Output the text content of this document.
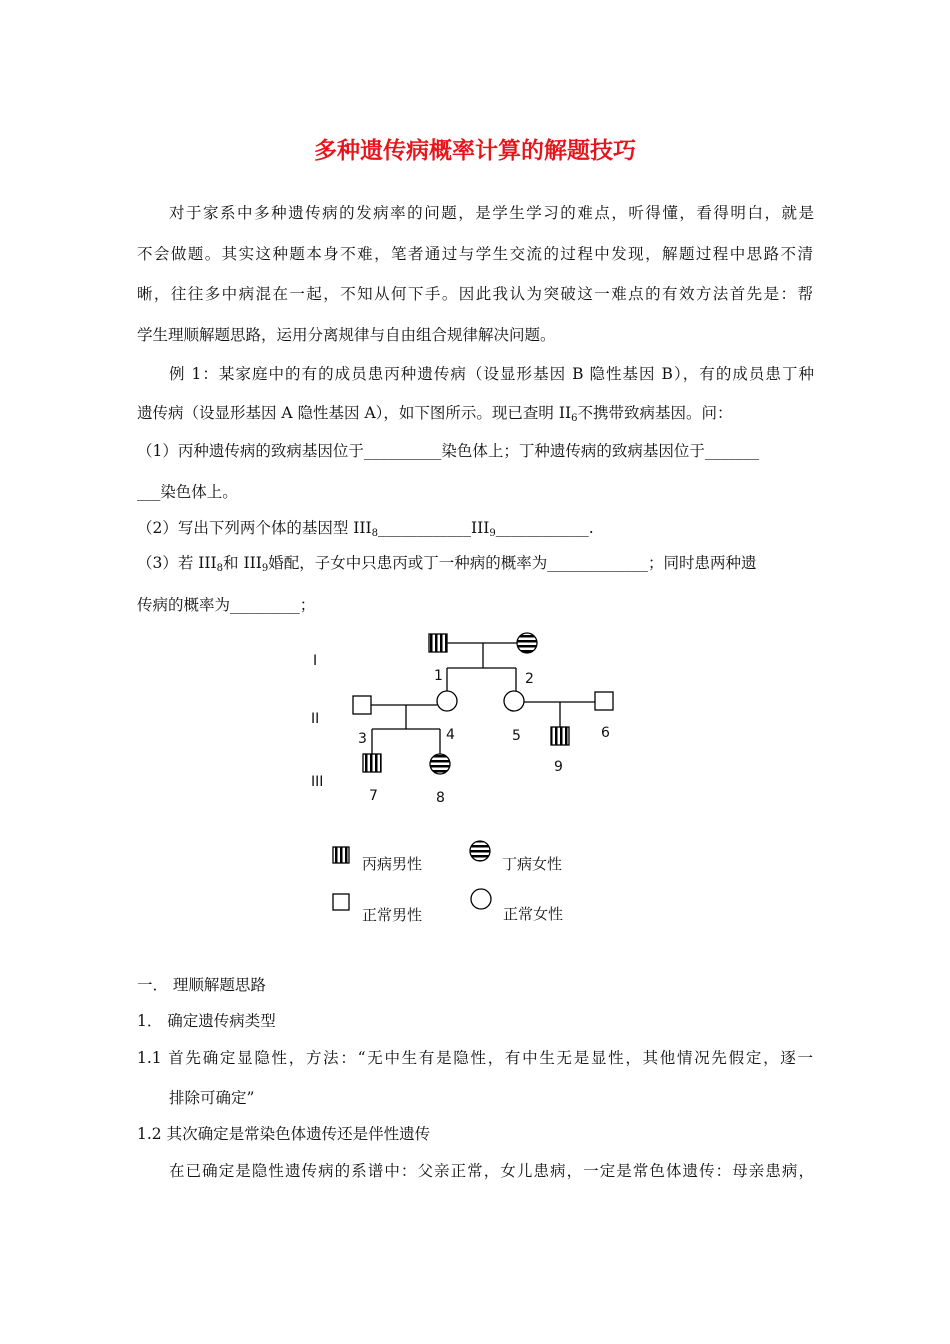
多种遗传病概率计算的解题技巧
对于家系中多种遗传病的发病率的问题，是学生学习的难点，听得懂，看得明白，就是
不会做题。其实这种题本身不难，笔者通过与学生交流的过程中发现，解题过程中思路不清
晰，往往多中病混在一起，不知从何下手。因此我认为突破这一难点的有效方法首先是：帮
学生理顺解题思路，运用分离规律与自由组合规律解决问题。
例 1：某家庭中的有的成员患丙种遗传病（设显形基因 B 隐性基因 B），有的成员患丁种
遗传病（设显形基因 A 隐性基因 A），如下图所示。现已查明 $II_6$不携带致病基因。问：
（1）丙种遗传病的致病基因位于__________染色体上；丁种遗传病的致病基因位于_______
___染色体上。
（2）写出下列两个体的基因型 $III_8\_\_\_\_\_\_\_\_\_\_\_\_III_9\_\_\_\_\_\_\_\_\_\_\_\_$.
（3）若 $III_8$和 $III_9$婚配，子女中只患丙或丁一种病的概率为_____________；同时患两种遗
传病的概率为_________；
I
II
III
1	2
3	4	5	6
7	8
9
丙病男性	丁病女性
正常男性	正常女性
一． 理顺解题思路
1． 确定遗传病类型
1.1 首先确定显隐性，方法：“无中生有是隐性，有中生无是显性，其他情况先假定，逐一
排除可确定”
1.2 其次确定是常染色体遗传还是伴性遗传
在已确定是隐性遗传病的系谱中：父亲正常，女儿患病，一定是常色体遗传：母亲患病，
